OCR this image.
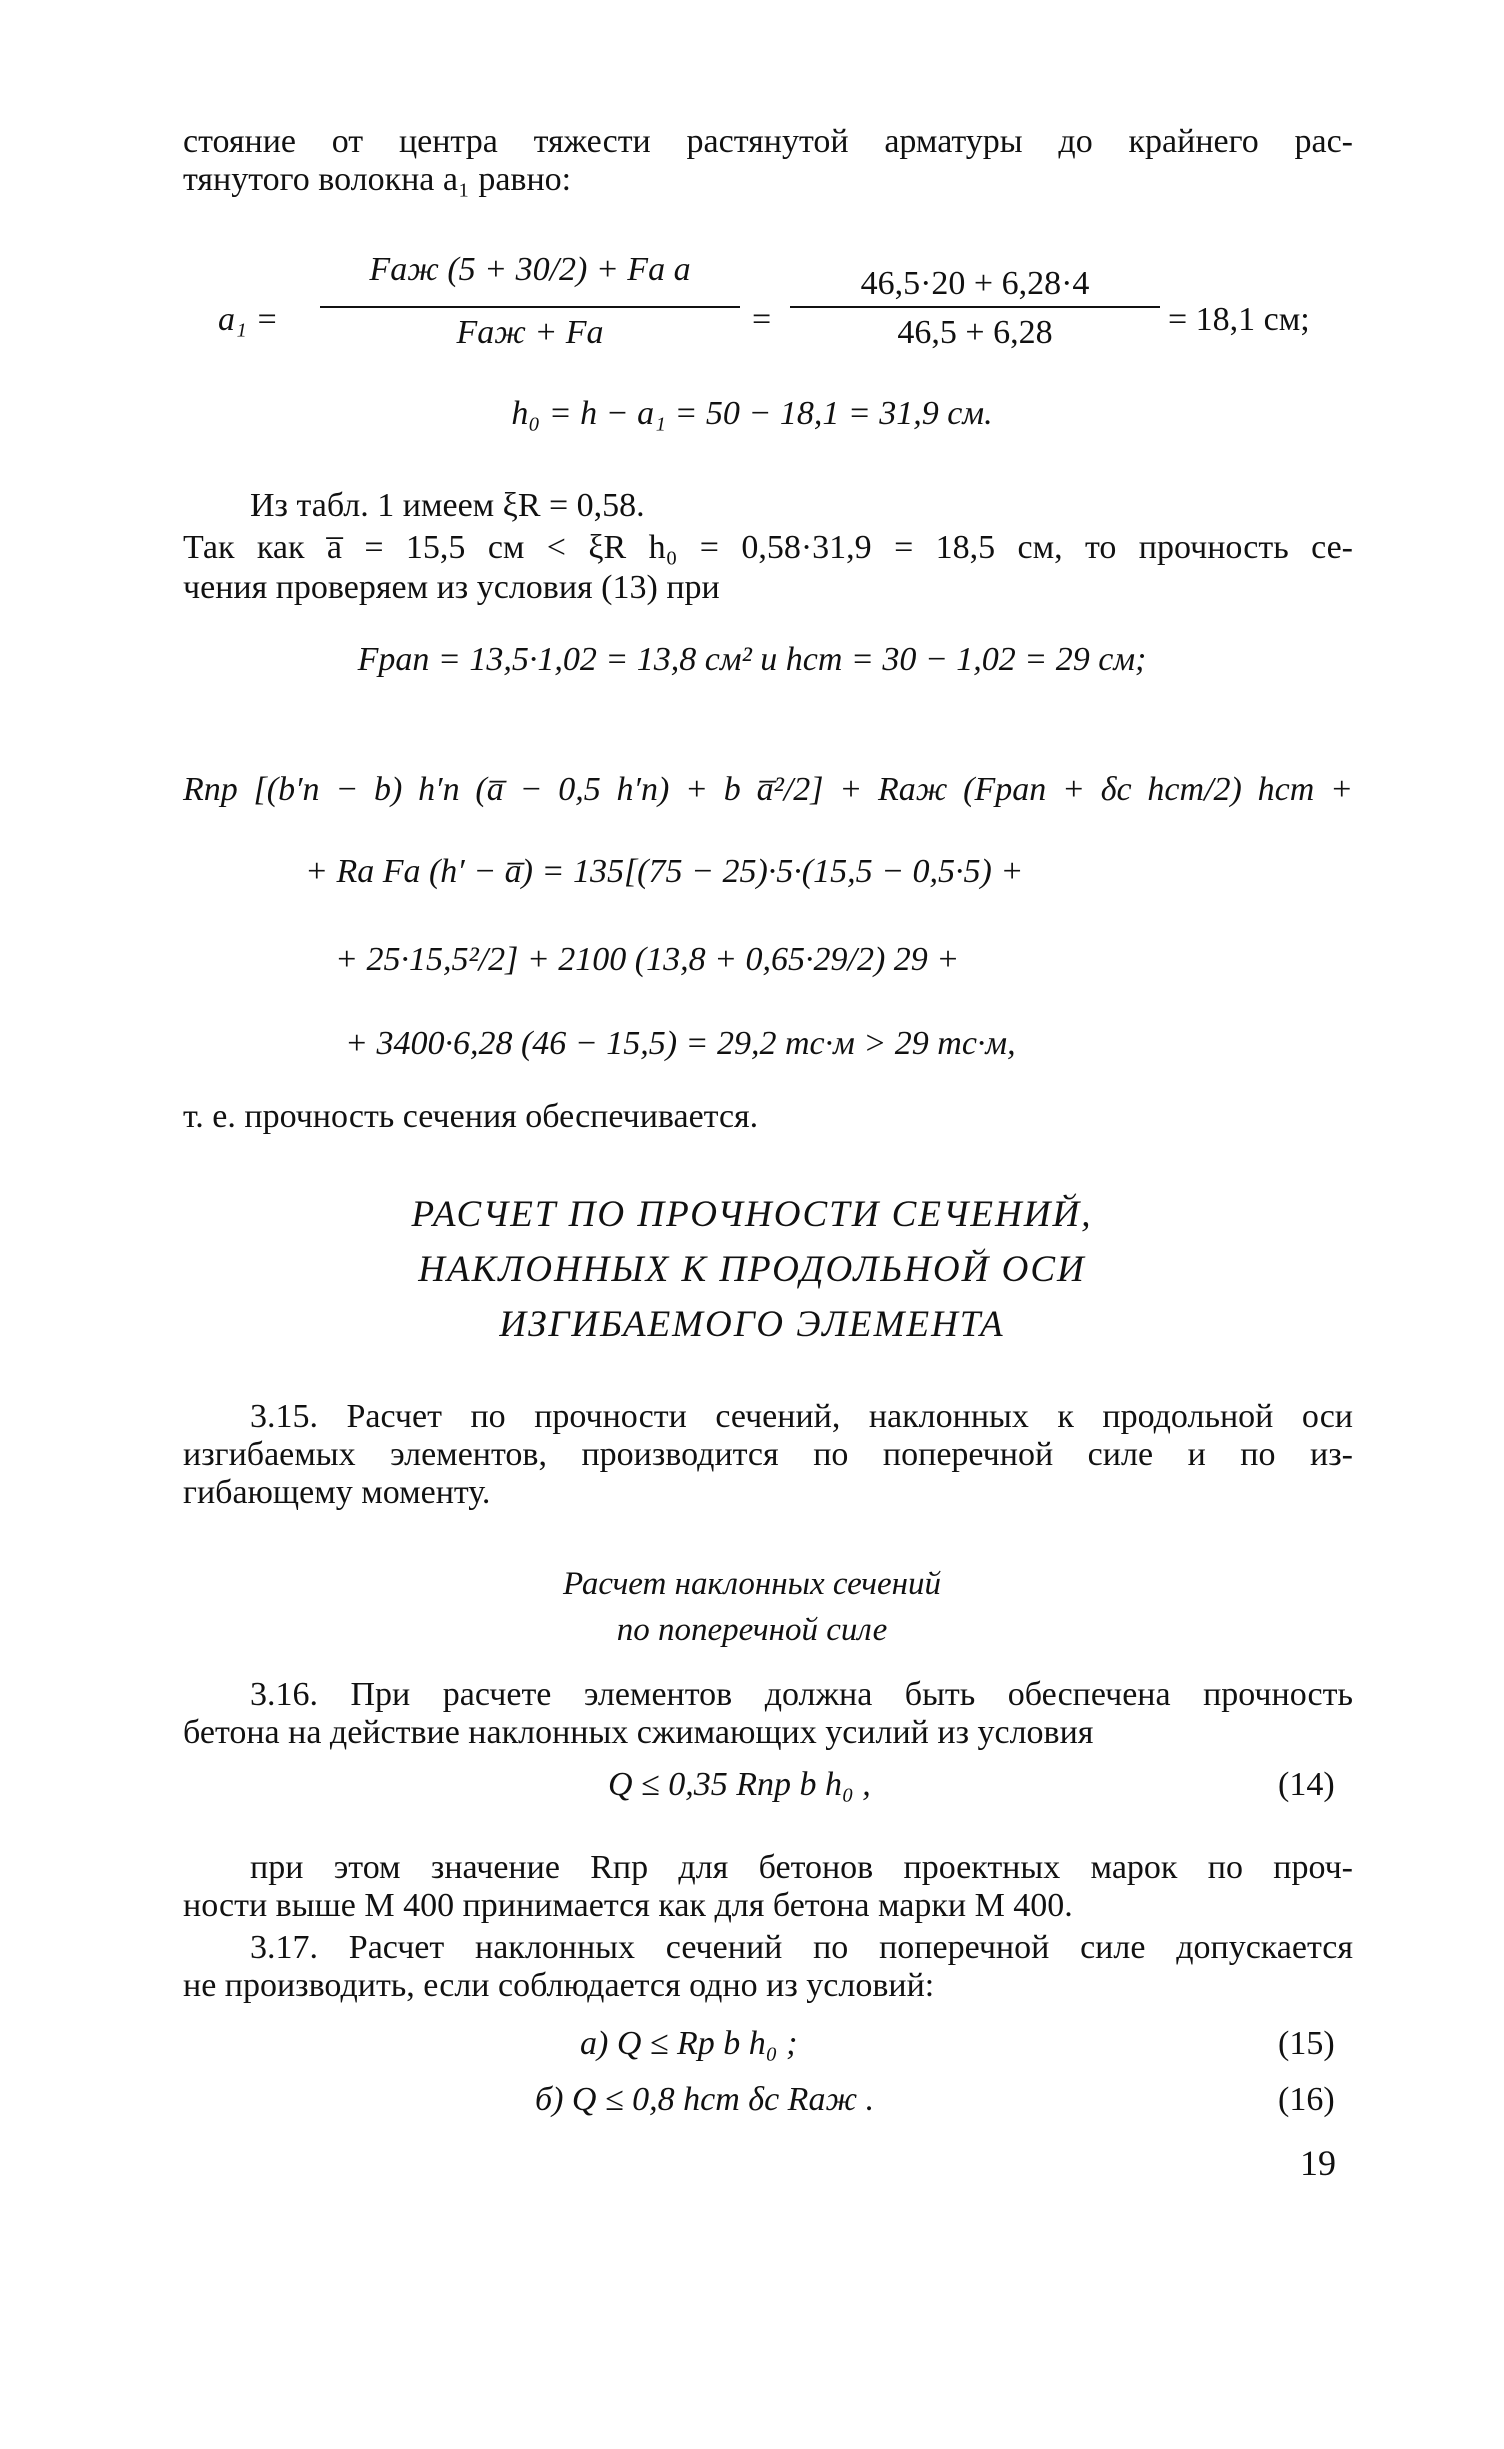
стояние от центра тяжести растянутой арматуры до крайнего рас-
тянутого волокна a₁ равно:
a₁ =
Fаж (5 + 30/2) + Fа a
Fаж + Fа	=
46,5·20 + 6,28·4
46,5 + 6,28	= 18,1 см;
h₀ = h − a₁ = 50 − 18,1 = 31,9 см.
Из табл. 1 имеем ξR = 0,58.
Так как a̅ = 15,5 см < ξR h₀ = 0,58·31,9 = 18,5 см, то прочность се-
чения проверяем из условия (13) при
Fрап = 13,5·1,02 = 13,8 см² и hст = 30 − 1,02 = 29 см;
Rпр [(b′п − b) h′п (a̅ − 0,5 h′п) + b a̅²/2] + Rаж (Fрап + δс hст/2) hст +
+ Rа Fа (h′ − a̅) = 135[(75 − 25)·5·(15,5 − 0,5·5) +
+ 25·15,5²/2] + 2100 (13,8 + 0,65·29/2) 29 +
+ 3400·6,28 (46 − 15,5) = 29,2 тс·м > 29 тс·м,
т. е. прочность сечения обеспечивается.
РАСЧЕТ ПО ПРОЧНОСТИ СЕЧЕНИЙ,
НАКЛОННЫХ К ПРОДОЛЬНОЙ ОСИ
ИЗГИБАЕМОГО ЭЛЕМЕНТА
3.15. Расчет по прочности сечений, наклонных к продольной оси
изгибаемых элементов, производится по поперечной силе и по из-
гибающему моменту.
Расчет наклонных сечений
по поперечной силе
3.16. При расчете элементов должна быть обеспечена прочность
бетона на действие наклонных сжимающих усилий из условия
Q ≤ 0,35 Rпр b h₀ ,	(14)
при этом значение Rпр для бетонов проектных марок по проч-
ности выше М 400 принимается как для бетона марки М 400.
3.17. Расчет наклонных сечений по поперечной силе допускается
не производить, если соблюдается одно из условий:
а) Q ≤ Rр b h₀ ;	(15)
б) Q ≤ 0,8 hст δс Rаж .	(16)
19
